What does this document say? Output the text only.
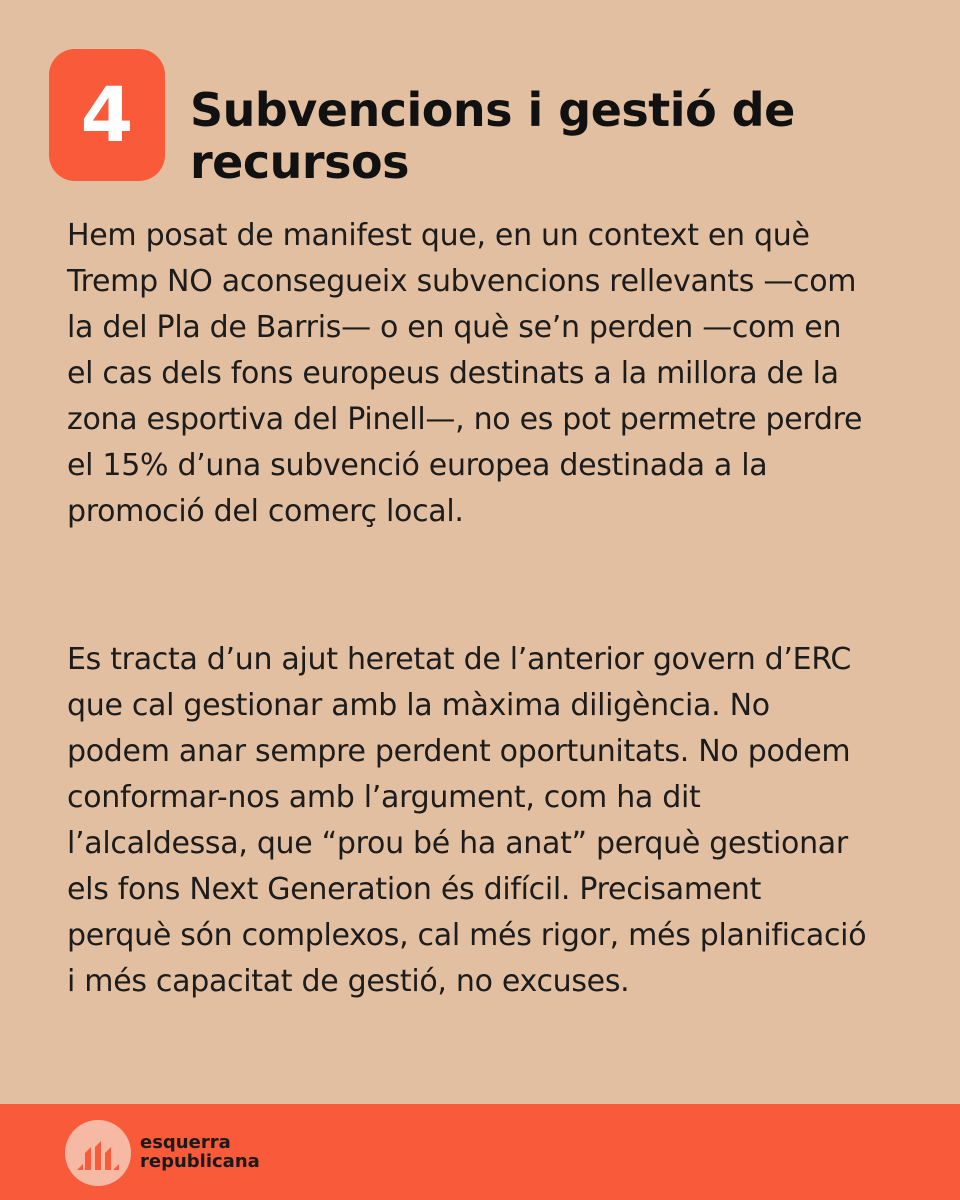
4 Subvencions i gestió de recursos

Hem posat de manifest que, en un context en què Tremp NO aconsegueix subvencions rellevants —com la del Pla de Barris— o en què se’n perden —com en el cas dels fons europeus destinats a la millora de la zona esportiva del Pinell—, no es pot permetre perdre el 15% d’una subvenció europea destinada a la promoció del comerç local.

Es tracta d’un ajut heretat de l’anterior govern d’ERC que cal gestionar amb la màxima diligència. No podem anar sempre perdent oportunitats. No podem conformar-nos amb l’argument, com ha dit l’alcaldessa, que “prou bé ha anat” perquè gestionar els fons Next Generation és difícil. Precisament perquè són complexos, cal més rigor, més planificació i més capacitat de gestió, no excuses.

esquerra
republicana
